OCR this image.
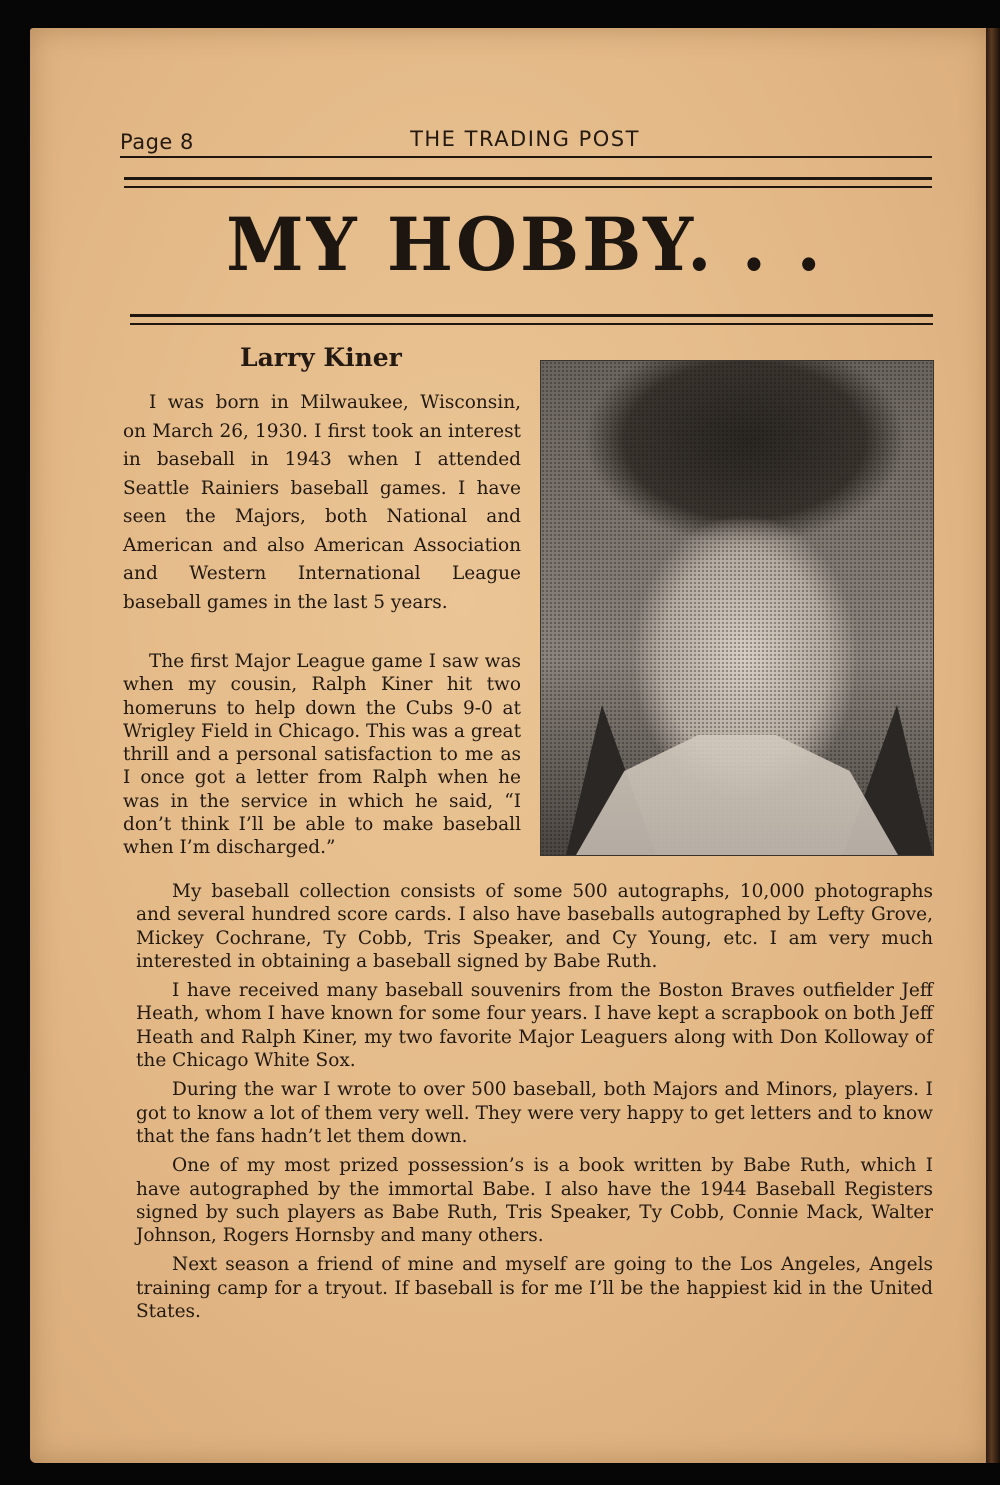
Page 8	THE TRADING POST
MY HOBBY. . .
Larry Kiner

I was born in Milwaukee, Wisconsin, on March 26, 1930. I first took an interest in baseball in 1943 when I attended Seattle Rainiers baseball games. I have seen the Majors, both National and American and also American Association and Western International League baseball games in the last 5 years.

The first Major League game I saw was when my cousin, Ralph Kiner hit two homeruns to help down the Cubs 9-0 at Wrigley Field in Chicago. This was a great thrill and a personal satisfaction to me as I once got a letter from Ralph when he was in the service in which he said, “I don’t think I’ll be able to make baseball when I’m discharged.”

My baseball collection consists of some 500 autographs, 10,000 photographs and several hundred score cards. I also have baseballs autographed by Lefty Grove, Mickey Cochrane, Ty Cobb, Tris Speaker, and Cy Young, etc. I am very much interested in obtaining a baseball signed by Babe Ruth.

I have received many baseball souvenirs from the Boston Braves outfielder Jeff Heath, whom I have known for some four years. I have kept a scrapbook on both Jeff Heath and Ralph Kiner, my two favorite Major Leaguers along with Don Kolloway of the Chicago White Sox.

During the war I wrote to over 500 baseball, both Majors and Minors, players. I got to know a lot of them very well. They were very happy to get letters and to know that the fans hadn’t let them down.

One of my most prized possession’s is a book written by Babe Ruth, which I have autographed by the immortal Babe. I also have the 1944 Baseball Registers signed by such players as Babe Ruth, Tris Speaker, Ty Cobb, Connie Mack, Walter Johnson, Rogers Hornsby and many others.

Next season a friend of mine and myself are going to the Los Angeles, Angels training camp for a tryout. If baseball is for me I’ll be the happiest kid in the United States.
